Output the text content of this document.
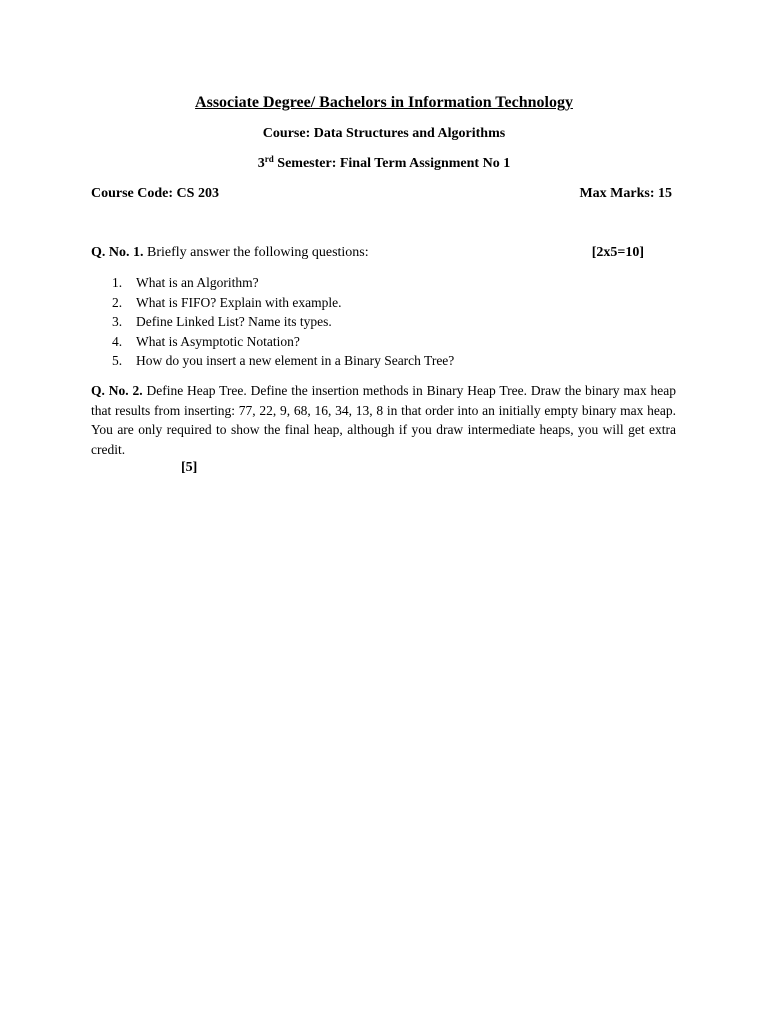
Associate Degree/ Bachelors in Information Technology
Course: Data Structures and Algorithms
3rd Semester: Final Term Assignment No 1
Course Code: CS 203	Max Marks: 15
Q. No. 1. Briefly answer the following questions:	[2x5=10]
1. What is an Algorithm?
2. What is FIFO? Explain with example.
3. Define Linked List? Name its types.
4. What is Asymptotic Notation?
5. How do you insert a new element in a Binary Search Tree?
Q. No. 2. Define Heap Tree. Define the insertion methods in Binary Heap Tree. Draw the binary max heap that results from inserting: 77, 22, 9, 68, 16, 34, 13, 8 in that order into an initially empty binary max heap. You are only required to show the final heap, although if you draw intermediate heaps, you will get extra credit.
[5]
